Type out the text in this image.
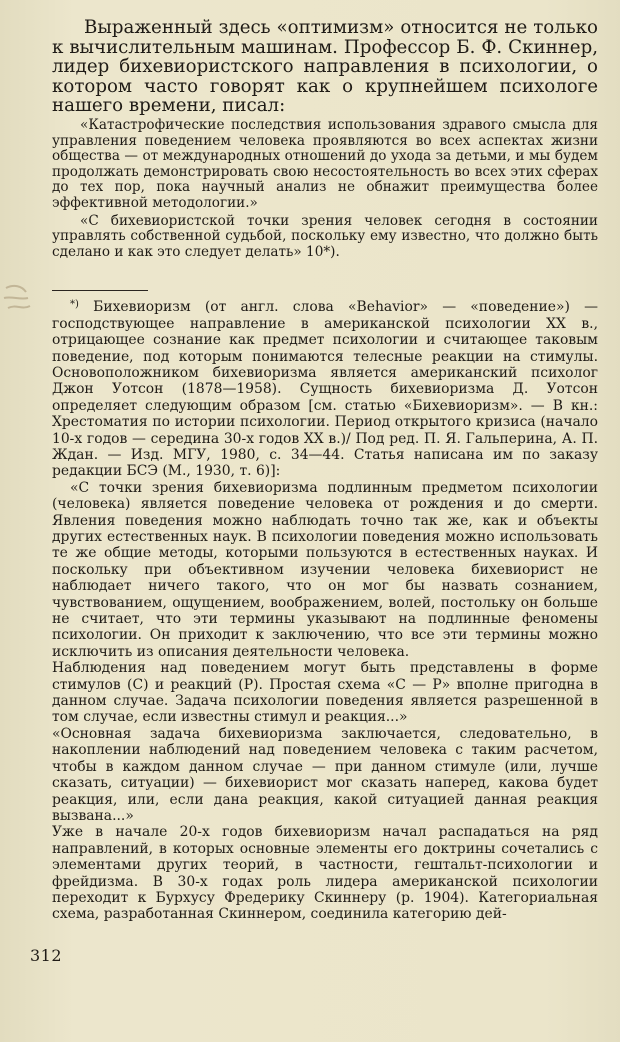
Выраженный здесь «оптимизм» относится не только к вычислительным машинам. Профессор Б. Ф. Скиннер, лидер бихевиористского направления в психологии, о котором часто говорят как о крупнейшем психологе нашего времени, писал:

«Катастрофические последствия использования здравого смысла для управления поведением человека проявляются во всех аспектах жизни общества — от международных отношений до ухода за детьми, и мы будем продолжать демонстрировать свою несостоятельность во всех этих сферах до тех пор, пока научный анализ не обнажит преимущества более эффективной методологии.»

«С бихевиористской точки зрения человек сегодня в состоянии управлять собственной судьбой, поскольку ему известно, что должно быть сделано и как это следует делать» 10*).

*) Бихевиоризм (от англ. слова «Behavior» — «поведение») — господствующее направление в американской психологии XX в., отрицающее сознание как предмет психологии и считающее таковым поведение, под которым понимаются телесные реакции на стимулы. Основоположником бихевиоризма является американский психолог Джон Уотсон (1878—1958). Сущность бихевиоризма Д. Уотсон определяет следующим образом [см. статью «Бихевиоризм». — В кн.: Хрестоматия по истории психологии. Период открытого кризиса (начало 10-х годов — середина 30-х годов XX в.)/ Под ред. П. Я. Гальперина, А. П. Ждан. — Изд. МГУ, 1980, с. 34—44. Статья написана им по заказу редакции БСЭ (М., 1930, т. 6)]:

«С точки зрения бихевиоризма подлинным предметом психологии (человека) является поведение человека от рождения и до смерти. Явления поведения можно наблюдать точно так же, как и объекты других естественных наук. В психологии поведения можно использовать те же общие методы, которыми пользуются в естественных науках. И поскольку при объективном изучении человека бихевиорист не наблюдает ничего такого, что он мог бы назвать сознанием, чувствованием, ощущением, воображением, волей, постольку он больше не считает, что эти термины указывают на подлинные феномены психологии. Он приходит к заключению, что все эти термины можно исключить из описания деятельности человека.

Наблюдения над поведением могут быть представлены в форме стимулов (С) и реакций (Р). Простая схема «С — Р» вполне пригодна в данном случае. Задача психологии поведения является разрешенной в том случае, если известны стимул и реакция...»

«Основная задача бихевиоризма заключается, следовательно, в накоплении наблюдений над поведением человека с таким расчетом, чтобы в каждом данном случае — при данном стимуле (или, лучше сказать, ситуации) — бихевиорист мог сказать наперед, какова будет реакция, или, если дана реакция, какой ситуацией данная реакция вызвана...»

Уже в начале 20-х годов бихевиоризм начал распадаться на ряд направлений, в которых основные элементы его доктрины сочетались с элементами других теорий, в частности, гештальт-психологии и фрейдизма. В 30-х годах роль лидера американской психологии переходит к Бурхусу Фредерику Скиннеру (р. 1904). Категориальная схема, разработанная Скиннером, соединила категорию дей-

312
